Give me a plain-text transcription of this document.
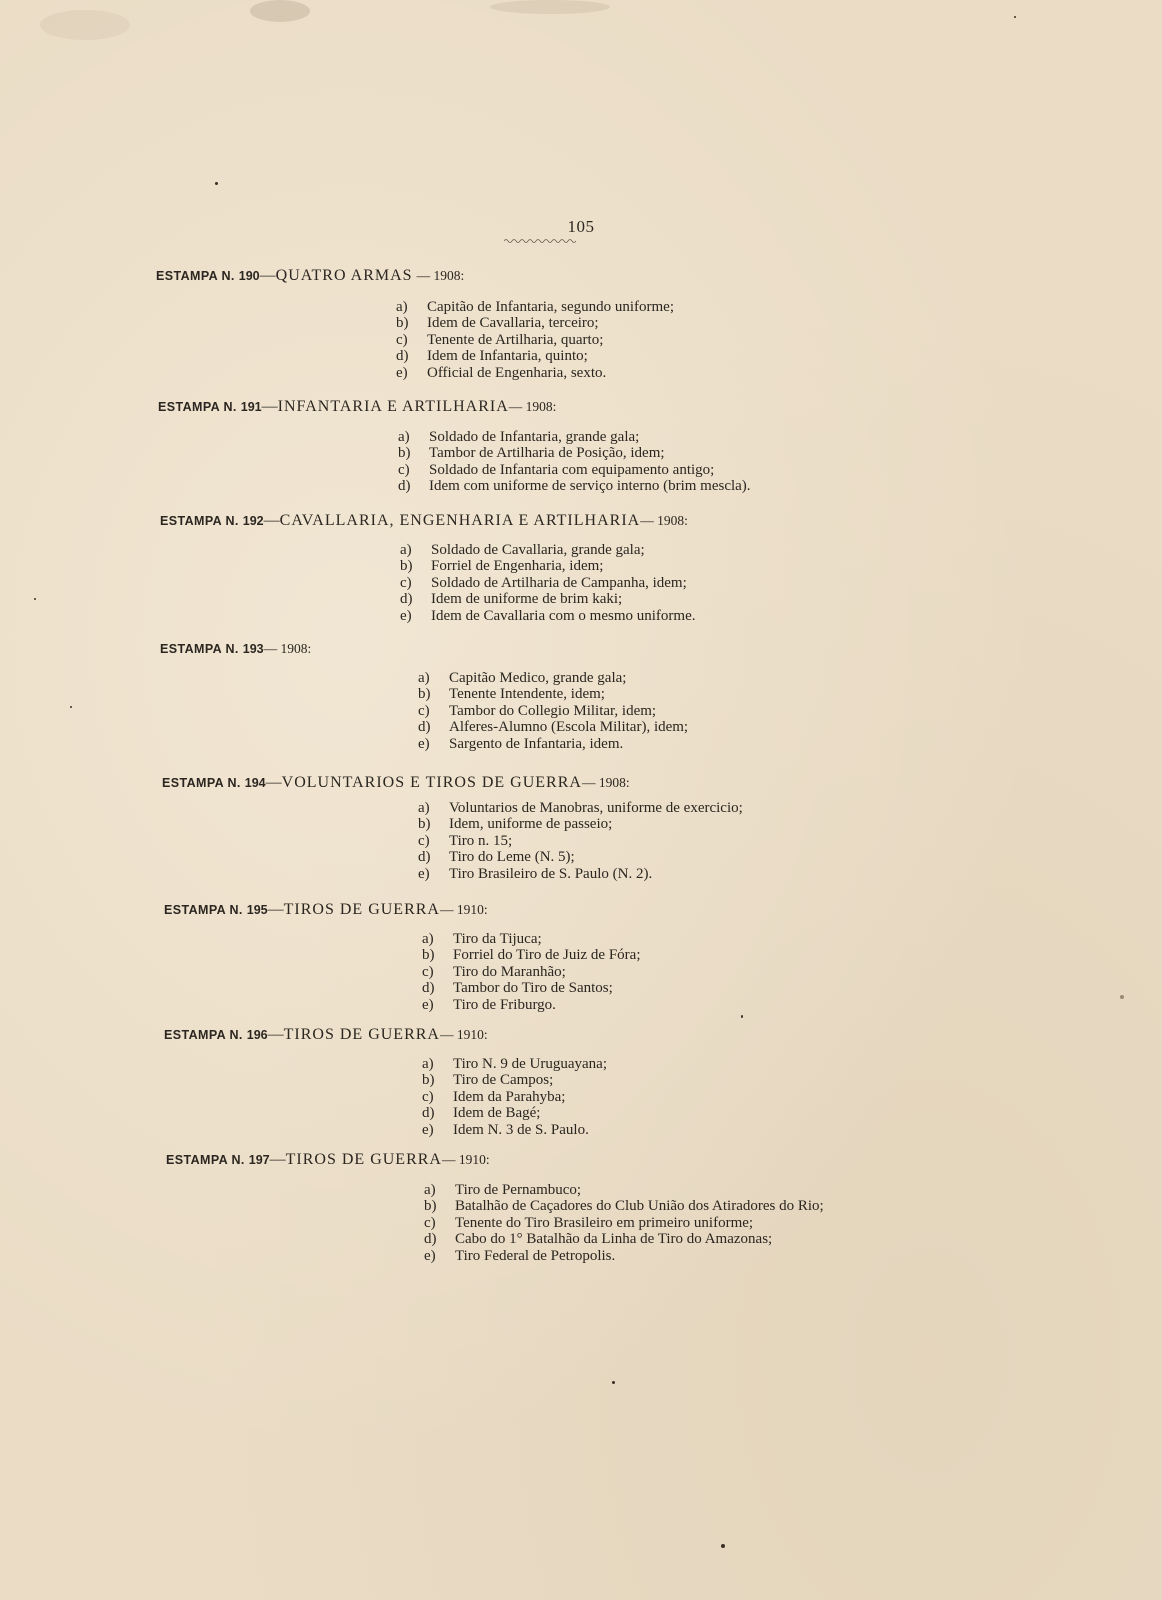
105
ESTAMPA N. 190—QUATRO ARMAS — 1908:
a) Capitão de Infantaria, segundo uniforme;
b) Idem de Cavallaria, terceiro;
c) Tenente de Artilharia, quarto;
d) Idem de Infantaria, quinto;
e) Official de Engenharia, sexto.
ESTAMPA N. 191—INFANTARIA E ARTILHARIA— 1908:
a) Soldado de Infantaria, grande gala;
b) Tambor de Artilharia de Posição, idem;
c) Soldado de Infantaria com equipamento antigo;
d) Idem com uniforme de serviço interno (brim mescla).
ESTAMPA N. 192—CAVALLARIA, ENGENHARIA E ARTILHARIA— 1908:
a) Soldado de Cavallaria, grande gala;
b) Forriel de Engenharia, idem;
c) Soldado de Artilharia de Campanha, idem;
d) Idem de uniforme de brim kaki;
e) Idem de Cavallaria com o mesmo uniforme.
ESTAMPA N. 193— 1908:
a) Capitão Medico, grande gala;
b) Tenente Intendente, idem;
c) Tambor do Collegio Militar, idem;
d) Alferes-Alumno (Escola Militar), idem;
e) Sargento de Infantaria, idem.
ESTAMPA N. 194—VOLUNTARIOS E TIROS DE GUERRA— 1908:
a) Voluntarios de Manobras, uniforme de exercicio;
b) Idem, uniforme de passeio;
c) Tiro n. 15;
d) Tiro do Leme (N. 5);
e) Tiro Brasileiro de S. Paulo (N. 2).
ESTAMPA N. 195—TIROS DE GUERRA— 1910:
a) Tiro da Tijuca;
b) Forriel do Tiro de Juiz de Fóra;
c) Tiro do Maranhão;
d) Tambor do Tiro de Santos;
e) Tiro de Friburgo.
ESTAMPA N. 196—TIROS DE GUERRA— 1910:
a) Tiro N. 9 de Uruguayana;
b) Tiro de Campos;
c) Idem da Parahyba;
d) Idem de Bagé;
e) Idem N. 3 de S. Paulo.
ESTAMPA N. 197—TIROS DE GUERRA— 1910:
a) Tiro de Pernambuco;
b) Batalhão de Caçadores do Club União dos Atiradores do Rio;
c) Tenente do Tiro Brasileiro em primeiro uniforme;
d) Cabo do 1° Batalhão da Linha de Tiro do Amazonas;
e) Tiro Federal de Petropolis.
